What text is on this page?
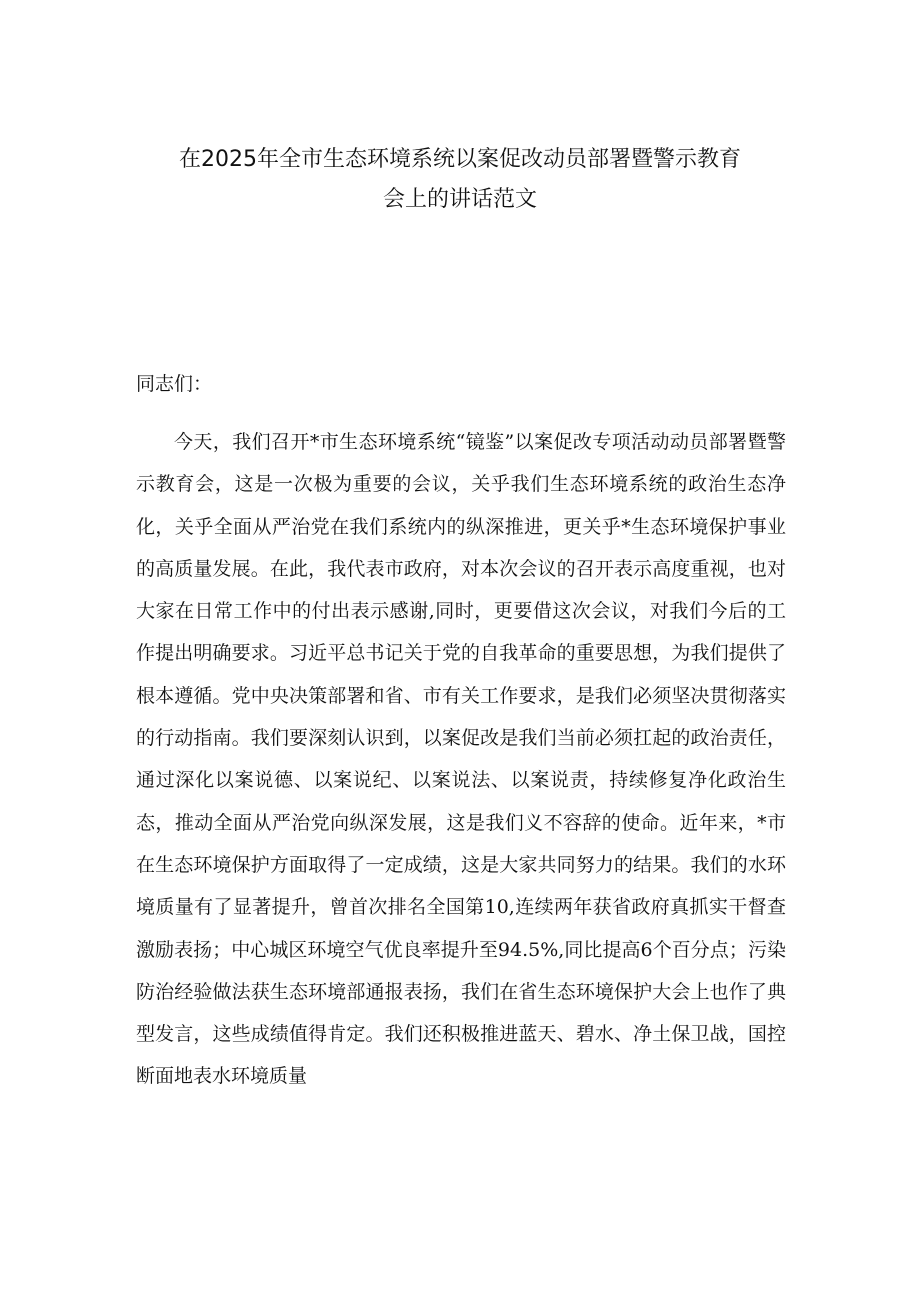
在2025年全市生态环境系统以案促改动员部署暨警示教育
会上的讲话范文

同志们：

今天，我们召开*市生态环境系统“镜鉴”以案促改专项活动动员部署暨警示教育会，这是一次极为重要的会议，关乎我们生态环境系统的政治生态净化，关乎全面从严治党在我们系统内的纵深推进，更关乎*生态环境保护事业的高质量发展。在此，我代表市政府，对本次会议的召开表示高度重视，也对大家在日常工作中的付出表示感谢,同时，更要借这次会议，对我们今后的工作提出明确要求。习近平总书记关于党的自我革命的重要思想，为我们提供了根本遵循。党中央决策部署和省、市有关工作要求，是我们必须坚决贯彻落实的行动指南。我们要深刻认识到，以案促改是我们当前必须扛起的政治责任，通过深化以案说德、以案说纪、以案说法、以案说责，持续修复净化政治生态，推动全面从严治党向纵深发展，这是我们义不容辞的使命。近年来，*市在生态环境保护方面取得了一定成绩，这是大家共同努力的结果。我们的水环境质量有了显著提升，曾首次排名全国第10,连续两年获省政府真抓实干督查激励表扬；中心城区环境空气优良率提升至94.5%,同比提高6个百分点；污染防治经验做法获生态环境部通报表扬，我们在省生态环境保护大会上也作了典型发言，这些成绩值得肯定。我们还积极推进蓝天、碧水、净土保卫战，国控断面地表水环境质量
